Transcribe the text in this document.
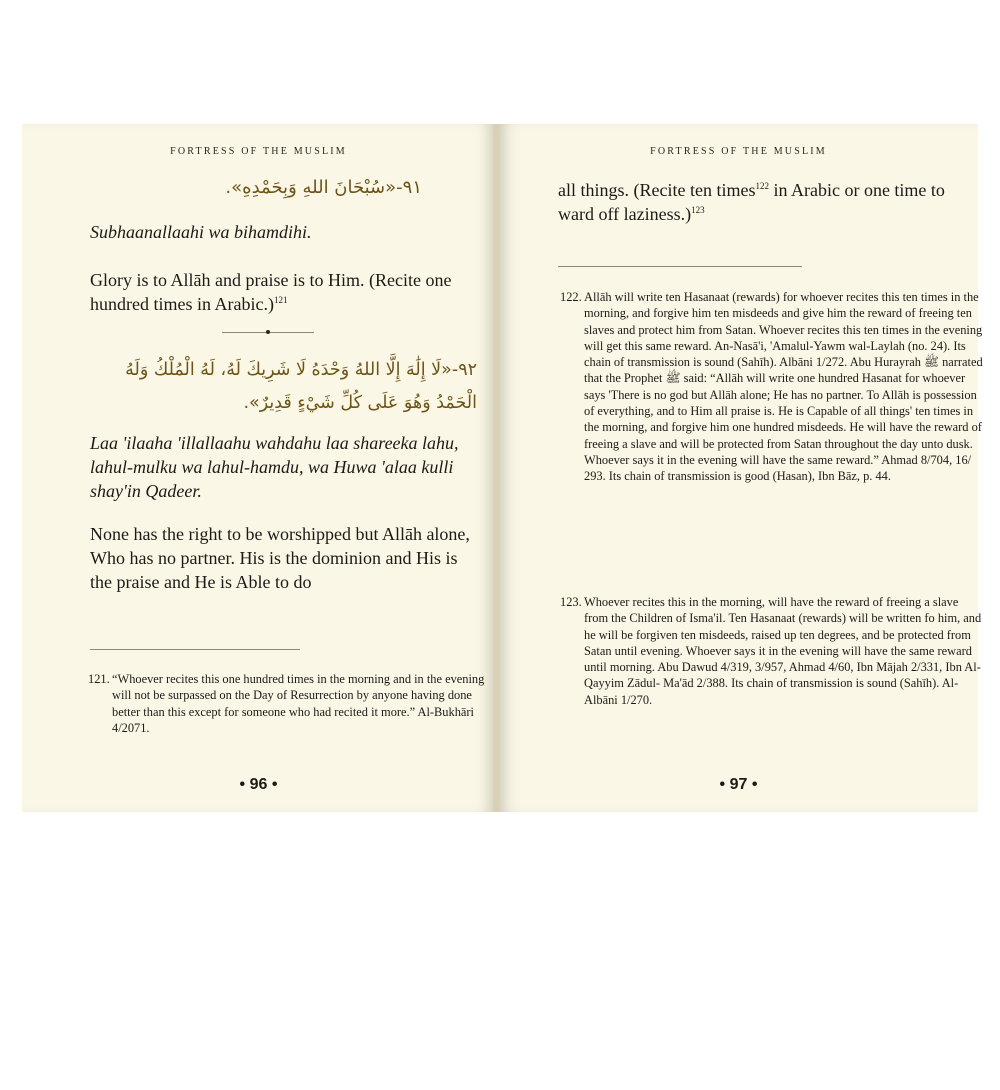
FORTRESS OF THE MUSLIM
٩١-«سُبْحَانَ اللهِ وَبِحَمْدِهِ».
Subhaanallaahi wa bihamdihi.
Glory is to Allāh and praise is to Him. (Recite one hundred times in Arabic.)$^{121}$
٩٢-«لَا إِلَٰهَ إِلَّا اللهُ وَحْدَهُ لَا شَرِيكَ لَهُ، لَهُ الْمُلْكُ وَلَهُ
الْحَمْدُ وَهُوَ عَلَى كُلِّ شَيْءٍ قَدِيرٌ».
Laa 'ilaaha 'illallaahu wahdahu laa shareeka lahu, lahul-mulku wa lahul-hamdu, wa Huwa 'alaa kulli shay'in Qadeer.
None has the right to be worshipped but Allāh alone, Who has no partner. His is the dominion and His is the praise and He is Able to do
121. “Whoever recites this one hundred times in the morning and in the evening will not be surpassed on the Day of Resurrection by anyone having done better than this except for someone who had recited it more.” Al-Bukhāri 4/2071.
• 96 •
FORTRESS OF THE MUSLIM
all things. (Recite ten times$^{122}$ in Arabic or one time to ward off laziness.)$^{123}$
122. Allāh will write ten Hasanaat (rewards) for whoever recites this ten times in the morning, and forgive him ten misdeeds and give him the reward of freeing ten slaves and protect him from Satan. Whoever recites this ten times in the evening will get this same reward. An-Nasā'i, 'Amalul-Yawm wal-Laylah (no. 24). Its chain of transmission is sound (Sahīh). Albāni 1/272. Abu Hurayrah ﷺ narrated that the Prophet ﷺ said: “Allāh will write one hundred Hasanat for whoever says 'There is no god but Allāh alone; He has no partner. To Allāh is possession of everything, and to Him all praise is. He is Capable of all things' ten times in the morning, and forgive him one hundred misdeeds. He will have the reward of freeing a slave and will be protected from Satan throughout the day unto dusk. Whoever says it in the evening will have the same reward.” Ahmad 8/704, 16/ 293. Its chain of transmission is good (Hasan), Ibn Bāz, p. 44.
123. Whoever recites this in the morning, will have the reward of freeing a slave from the Children of Isma'il. Ten Hasanaat (rewards) will be written fo him, and he will be forgiven ten misdeeds, raised up ten degrees, and be protected from Satan until evening. Whoever says it in the evening will have the same reward until morning. Abu Dawud 4/319, 3/957, Ahmad 4/60, Ibn Mājah 2/331, Ibn Al-Qayyim Zādul- Ma'ād 2/388. Its chain of transmission is sound (Sahīh). Al-Albāni 1/270.
• 97 •
